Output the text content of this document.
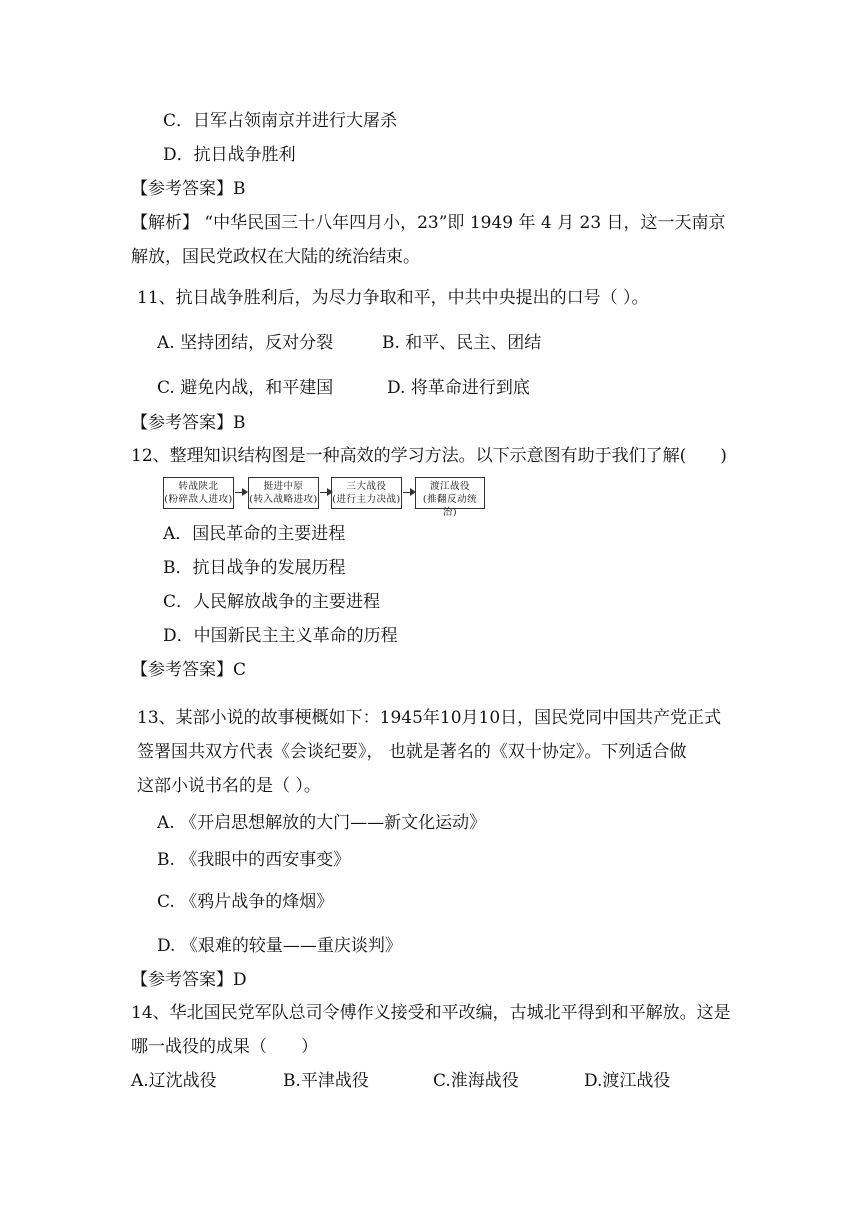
C．日军占领南京并进行大屠杀
D．抗日战争胜利
【参考答案】B
【解析】 “中华民国三十八年四月小，23”即 1949 年 4 月 23 日，这一天南京
解放，国民党政权在大陆的统治结束。
11、抗日战争胜利后，为尽力争取和平，中共中央提出的口号（ ）。
A. 坚持团结，反对分裂	B. 和平、民主、团结
C. 避免内战，和平建国	D. 将革命进行到底
【参考答案】B
12、整理知识结构图是一种高效的学习方法。以下示意图有助于我们了解(　　)
转战陕北
(粉碎敌人进攻)
挺进中原
(转入战略进攻)
三大战役
(进行主力决战)
渡江战役
(推翻反动统治)
A．国民革命的主要进程
B．抗日战争的发展历程
C．人民解放战争的主要进程
D．中国新民主主义革命的历程
【参考答案】C
13、某部小说的故事梗概如下：1945年10月10日，国民党同中国共产党正式
签署国共双方代表《会谈纪要》， 也就是著名的《双十协定》。下列适合做
这部小说书名的是（ ）。
A. 《开启思想解放的大门——新文化运动》
B. 《我眼中的西安事变》
C. 《鸦片战争的烽烟》
D. 《艰难的较量——重庆谈判》
【参考答案】D
14、华北国民党军队总司令傅作义接受和平改编，古城北平得到和平解放。这是
哪一战役的成果（　　）
A.辽沈战役	B.平津战役	C.淮海战役	D.渡江战役
